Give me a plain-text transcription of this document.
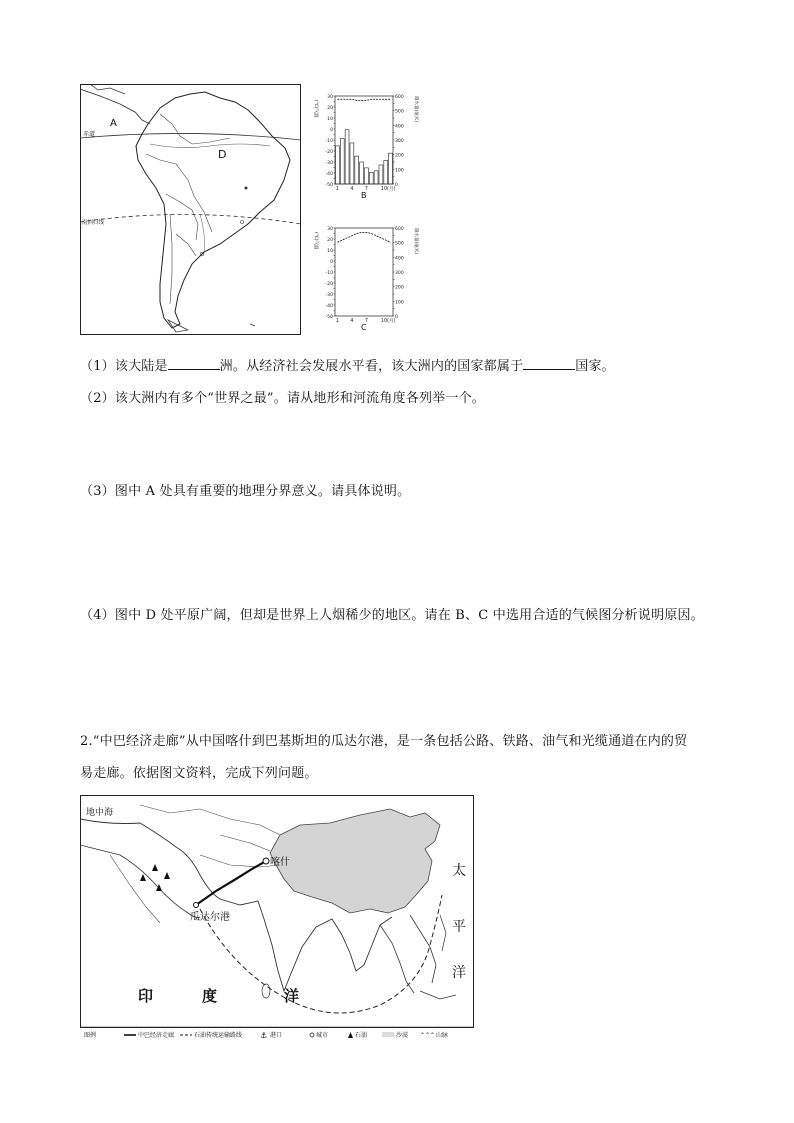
A
D
赤道
南回归线
30
20
10
0
-10
-20
-30
-40
-50
600
500
400
300
200
100
0
(℃)气温	降水量(毫米)
1 4 7	10(月)
B
30
20
10
0
-10
-20
-30
-40
-50
600
500
400
300
200
100
0
(℃)气温	降水量(毫米)
1 4 7	10(月)
C
（1）该大陆是	洲。从经济社会发展水平看，该大洲内的国家都属于	国家。
（2）该大洲内有多个“世界之最”。请从地形和河流角度各列举一个。
（3）图中 A 处具有重要的地理分界意义。请具体说明。
（4）图中 D 处平原广阔，但却是世界上人烟稀少的地区。请在 B、C 中选用合适的气候图分析说明原因。
2.“中巴经济走廊”从中国喀什到巴基斯坦的瓜达尔港，是一条包括公路、铁路、油气和光缆通道在内的贸
易走廊。依据图文资料，完成下列问题。
地中海
喀什
瓜达尔港
印	度	洋
太
平
洋
图例	中巴经济走廊	石油传统运输路线 ⚓ 港口	城市	石油	沙漠 ⌃⌃⌃ 山脉
